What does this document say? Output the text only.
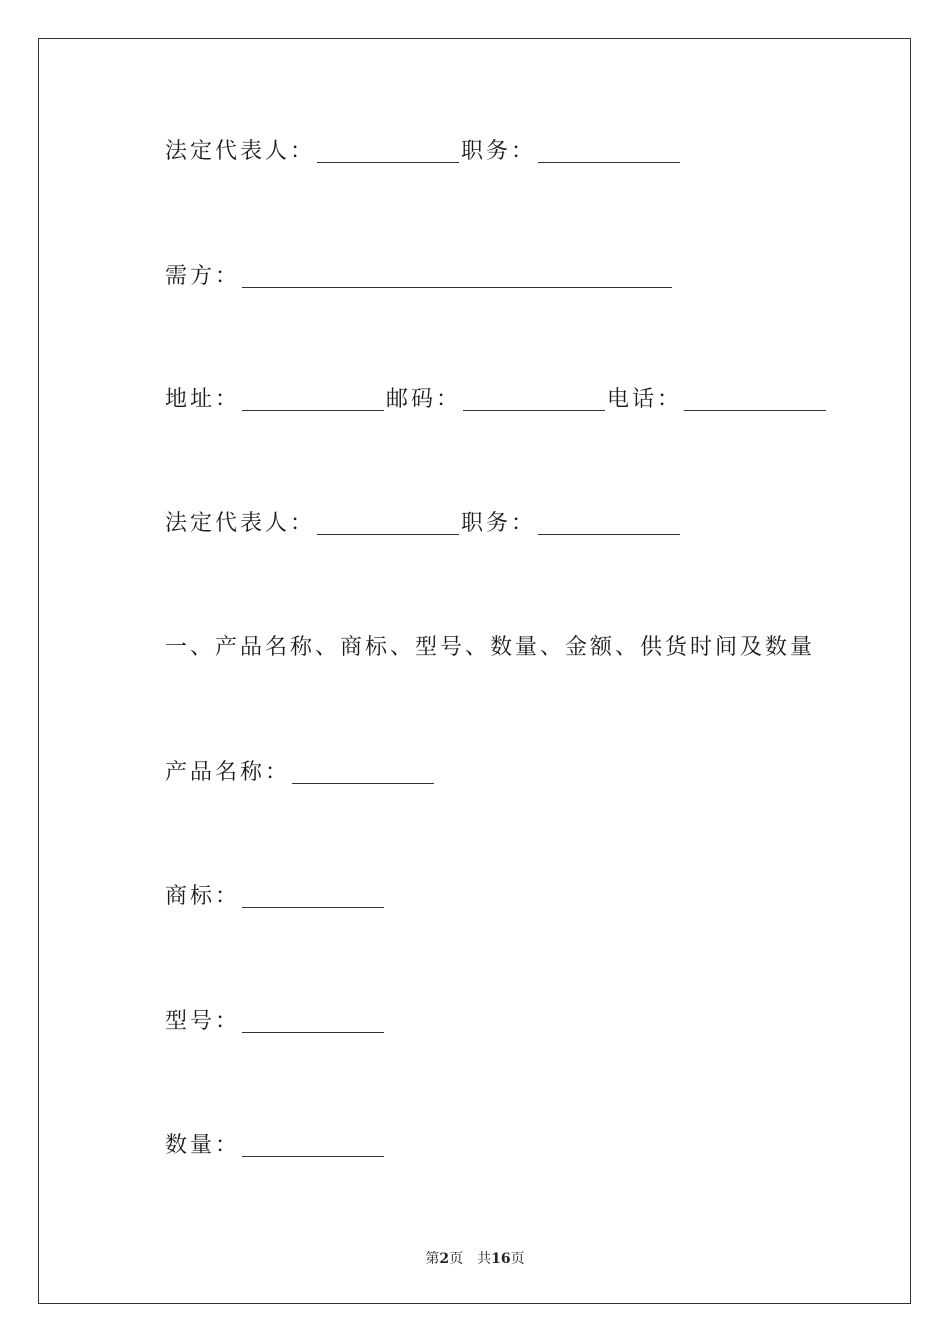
法定代表人：	职务：
需方：
地址：	邮码：	电话：
法定代表人：	职务：
一、产品名称、商标、型号、数量、金额、供货时间及数量
产品名称：
商标：
型号：
数量：
第2页 共16页
